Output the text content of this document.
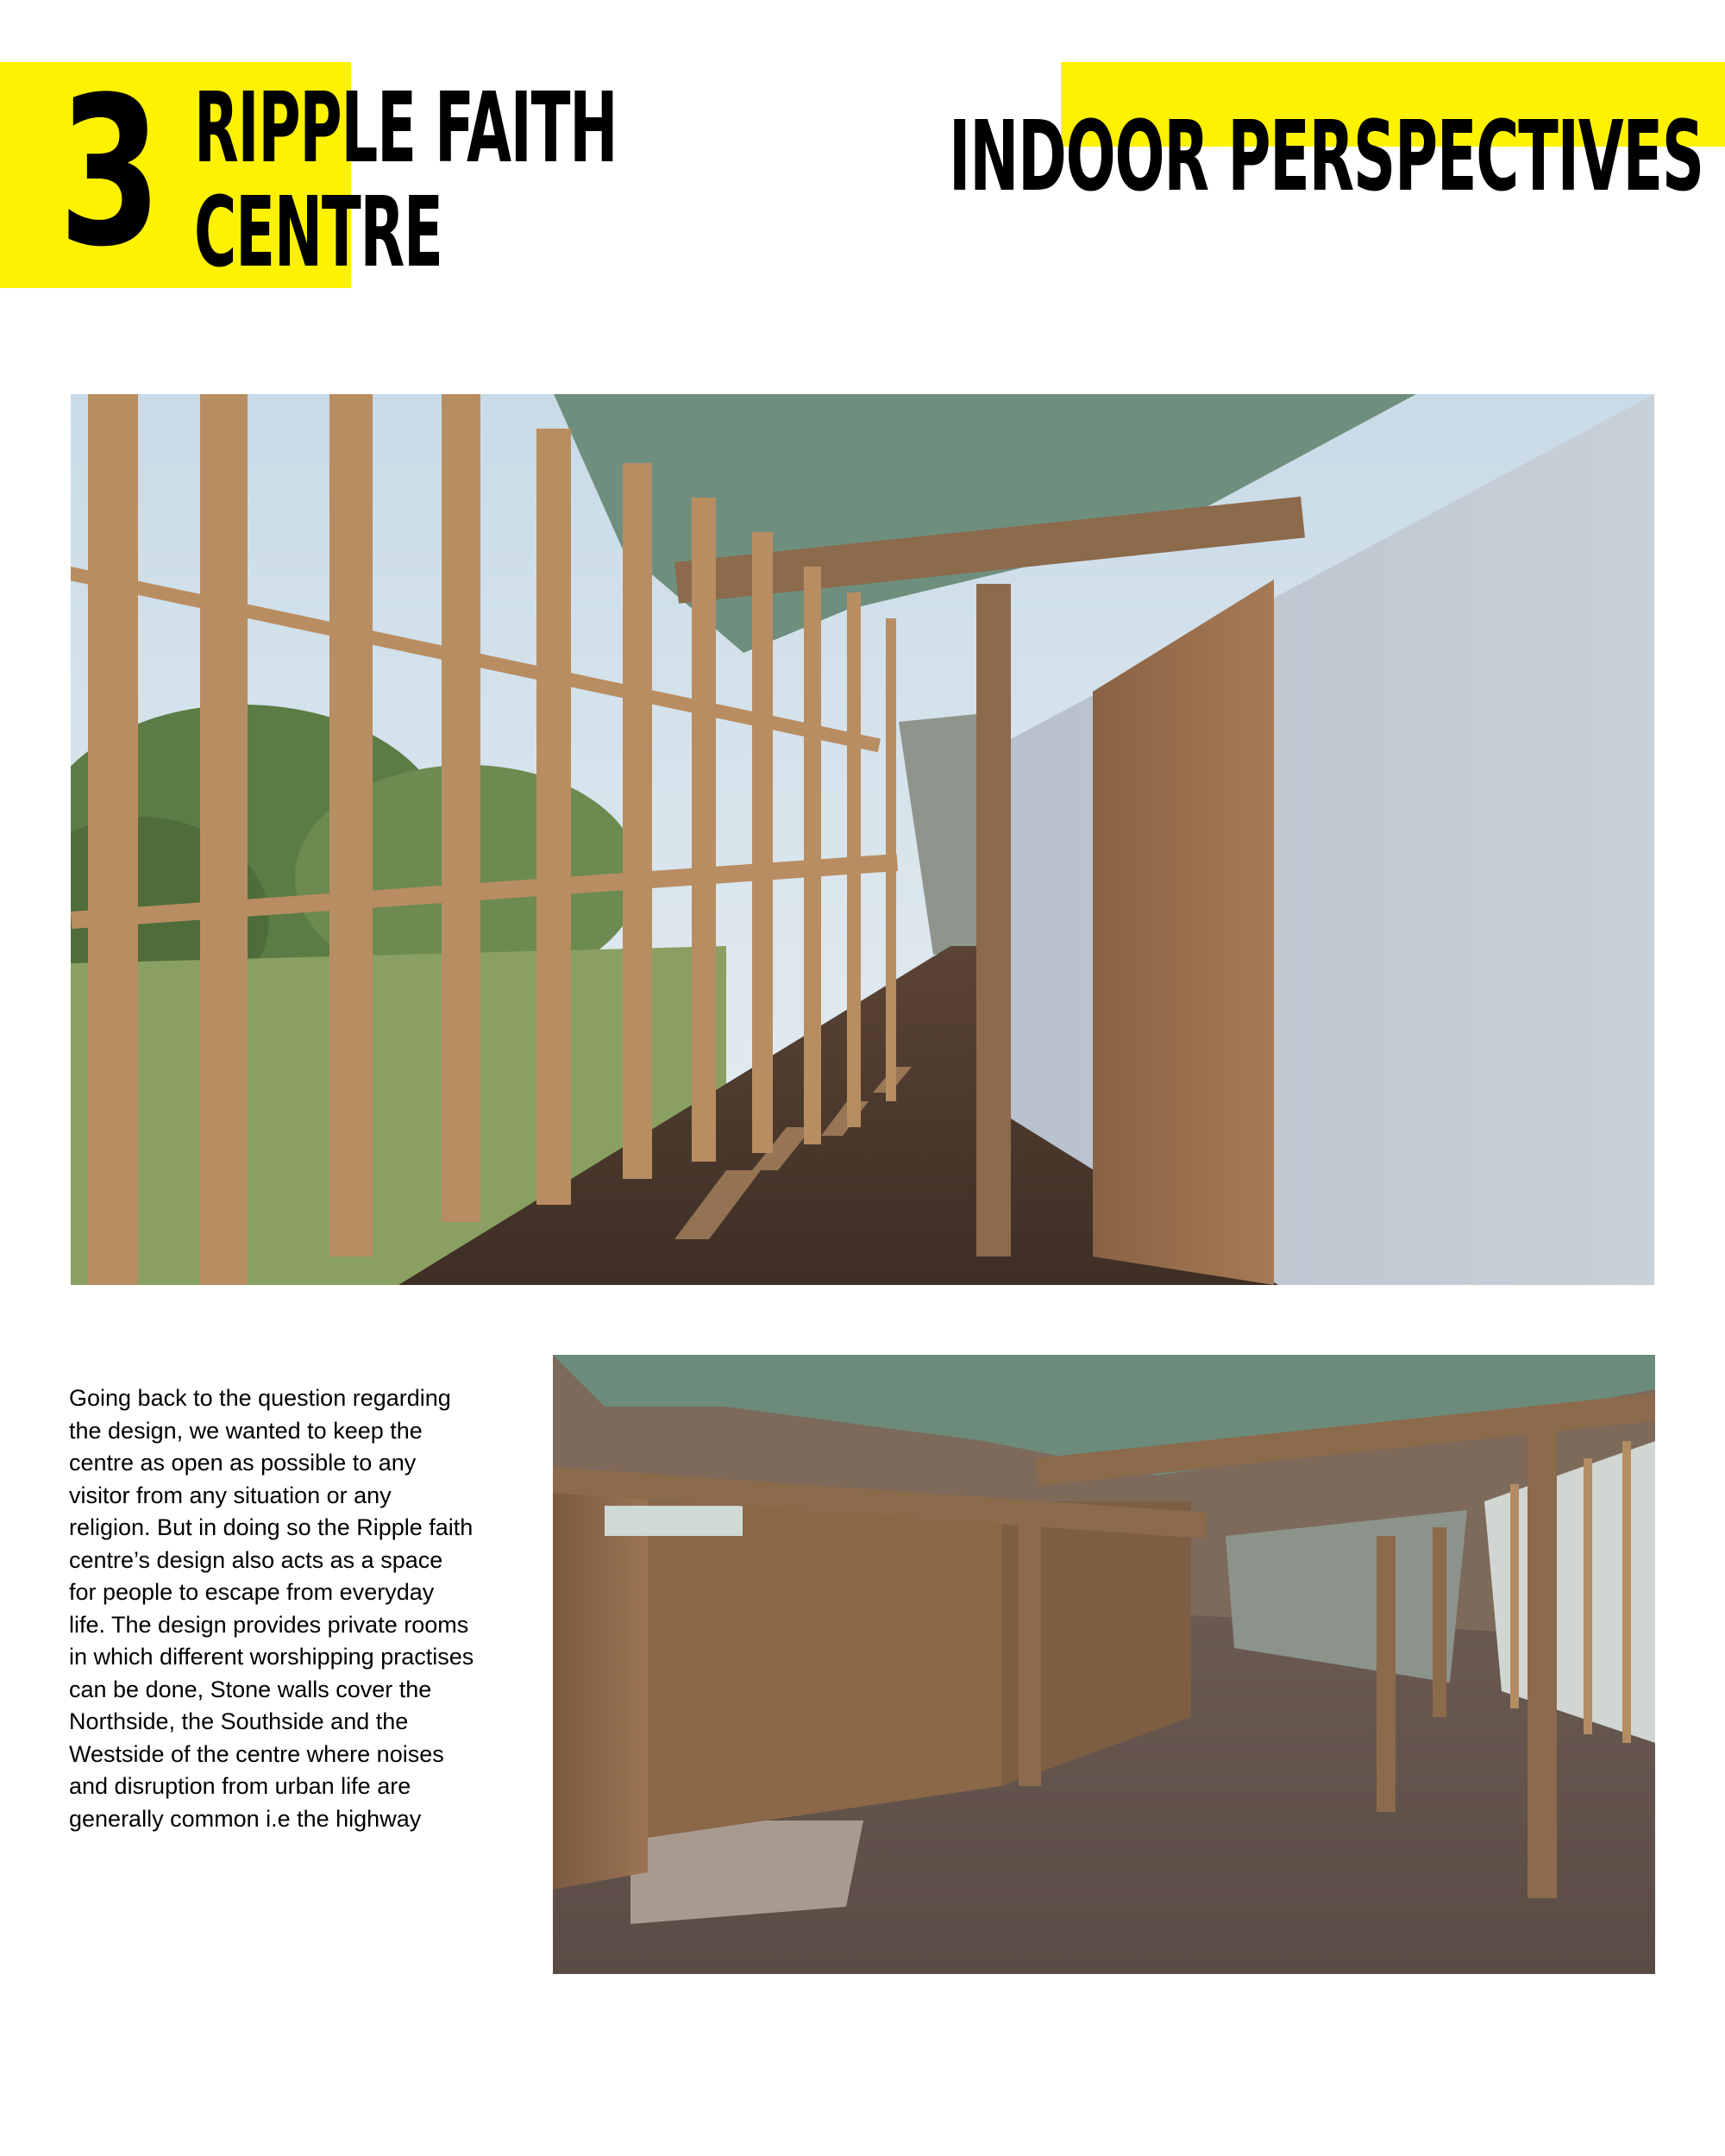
3 RIPPLE FAITH
CENTRE
INDOOR PERSPECTIVES

Going back to the question regarding the design, we wanted to keep the centre as open as possible to any visitor from any situation or any religion. But in doing so the Ripple faith centre’s design also acts as a space for people to escape from everyday life. The design provides private rooms in which different worshipping practises can be done, Stone walls cover the Northside, the Southside and the Westside of the centre where noises and disruption from urban life are generally common i.e the highway
